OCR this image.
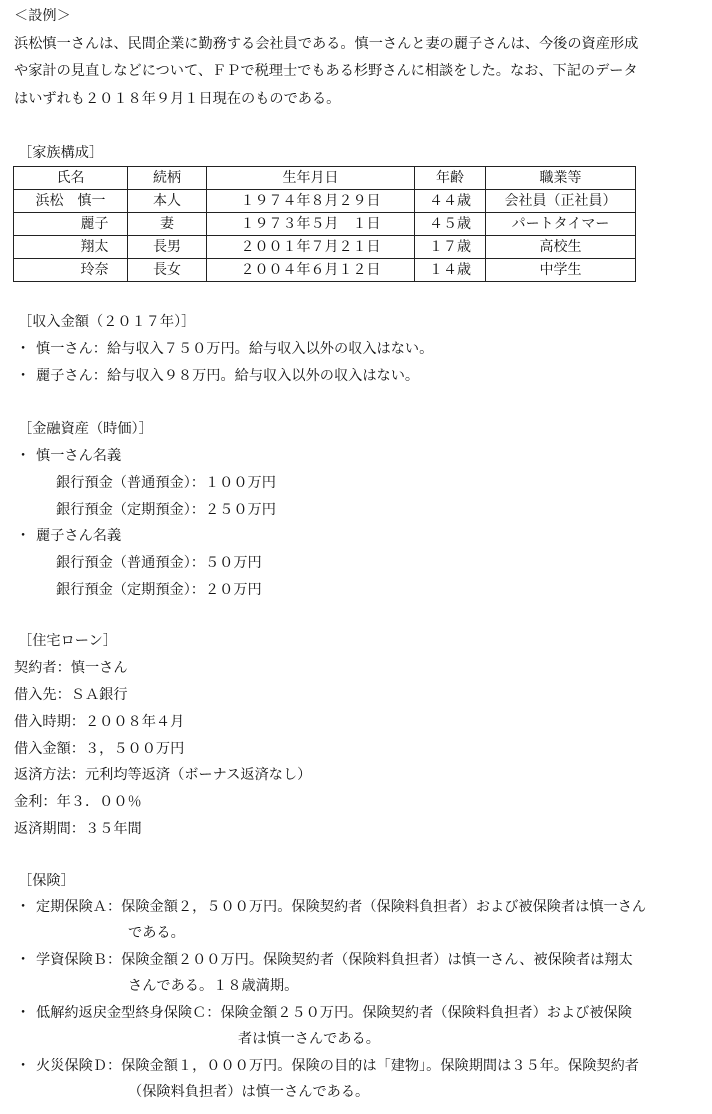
＜設例＞
浜松慎一さんは、民間企業に勤務する会社員である。慎一さんと妻の麗子さんは、今後の資産形成
や家計の見直しなどについて、ＦＰで税理士でもある杉野さんに相談をした。なお、下記のデータ
はいずれも２０１８年９月１日現在のものである。
［家族構成］
氏名	続柄	生年月日	年齢	職業等
浜松　慎一	本人	１９７４年８月２９日	４４歳	会社員（正社員）
麗子	妻	１９７３年５月　１日	４５歳	パートタイマー
翔太	長男	２００１年７月２１日	１７歳	高校生
玲奈	長女	２００４年６月１２日	１４歳	中学生
［収入金額（２０１７年）］
・ 慎一さん：給与収入７５０万円。給与収入以外の収入はない。
・ 麗子さん：給与収入９８万円。給与収入以外の収入はない。
［金融資産（時価）］
・ 慎一さん名義
銀行預金（普通預金）：１００万円
銀行預金（定期預金）：２５０万円
・ 麗子さん名義
銀行預金（普通預金）：５０万円
銀行預金（定期預金）：２０万円
［住宅ローン］
契約者：慎一さん
借入先：ＳＡ銀行
借入時期：２００８年４月
借入金額：３，５００万円
返済方法：元利均等返済（ボーナス返済なし）
金利：年３．００％
返済期間：３５年間
［保険］
・ 定期保険Ａ：保険金額２，５００万円。保険契約者（保険料負担者）および被保険者は慎一さん
である。
・ 学資保険Ｂ：保険金額２００万円。保険契約者（保険料負担者）は慎一さん、被保険者は翔太
さんである。１８歳満期。
・ 低解約返戻金型終身保険Ｃ：保険金額２５０万円。保険契約者（保険料負担者）および被保険
者は慎一さんである。
・ 火災保険Ｄ：保険金額１，０００万円。保険の目的は「建物」。保険期間は３５年。保険契約者
（保険料負担者）は慎一さんである。
